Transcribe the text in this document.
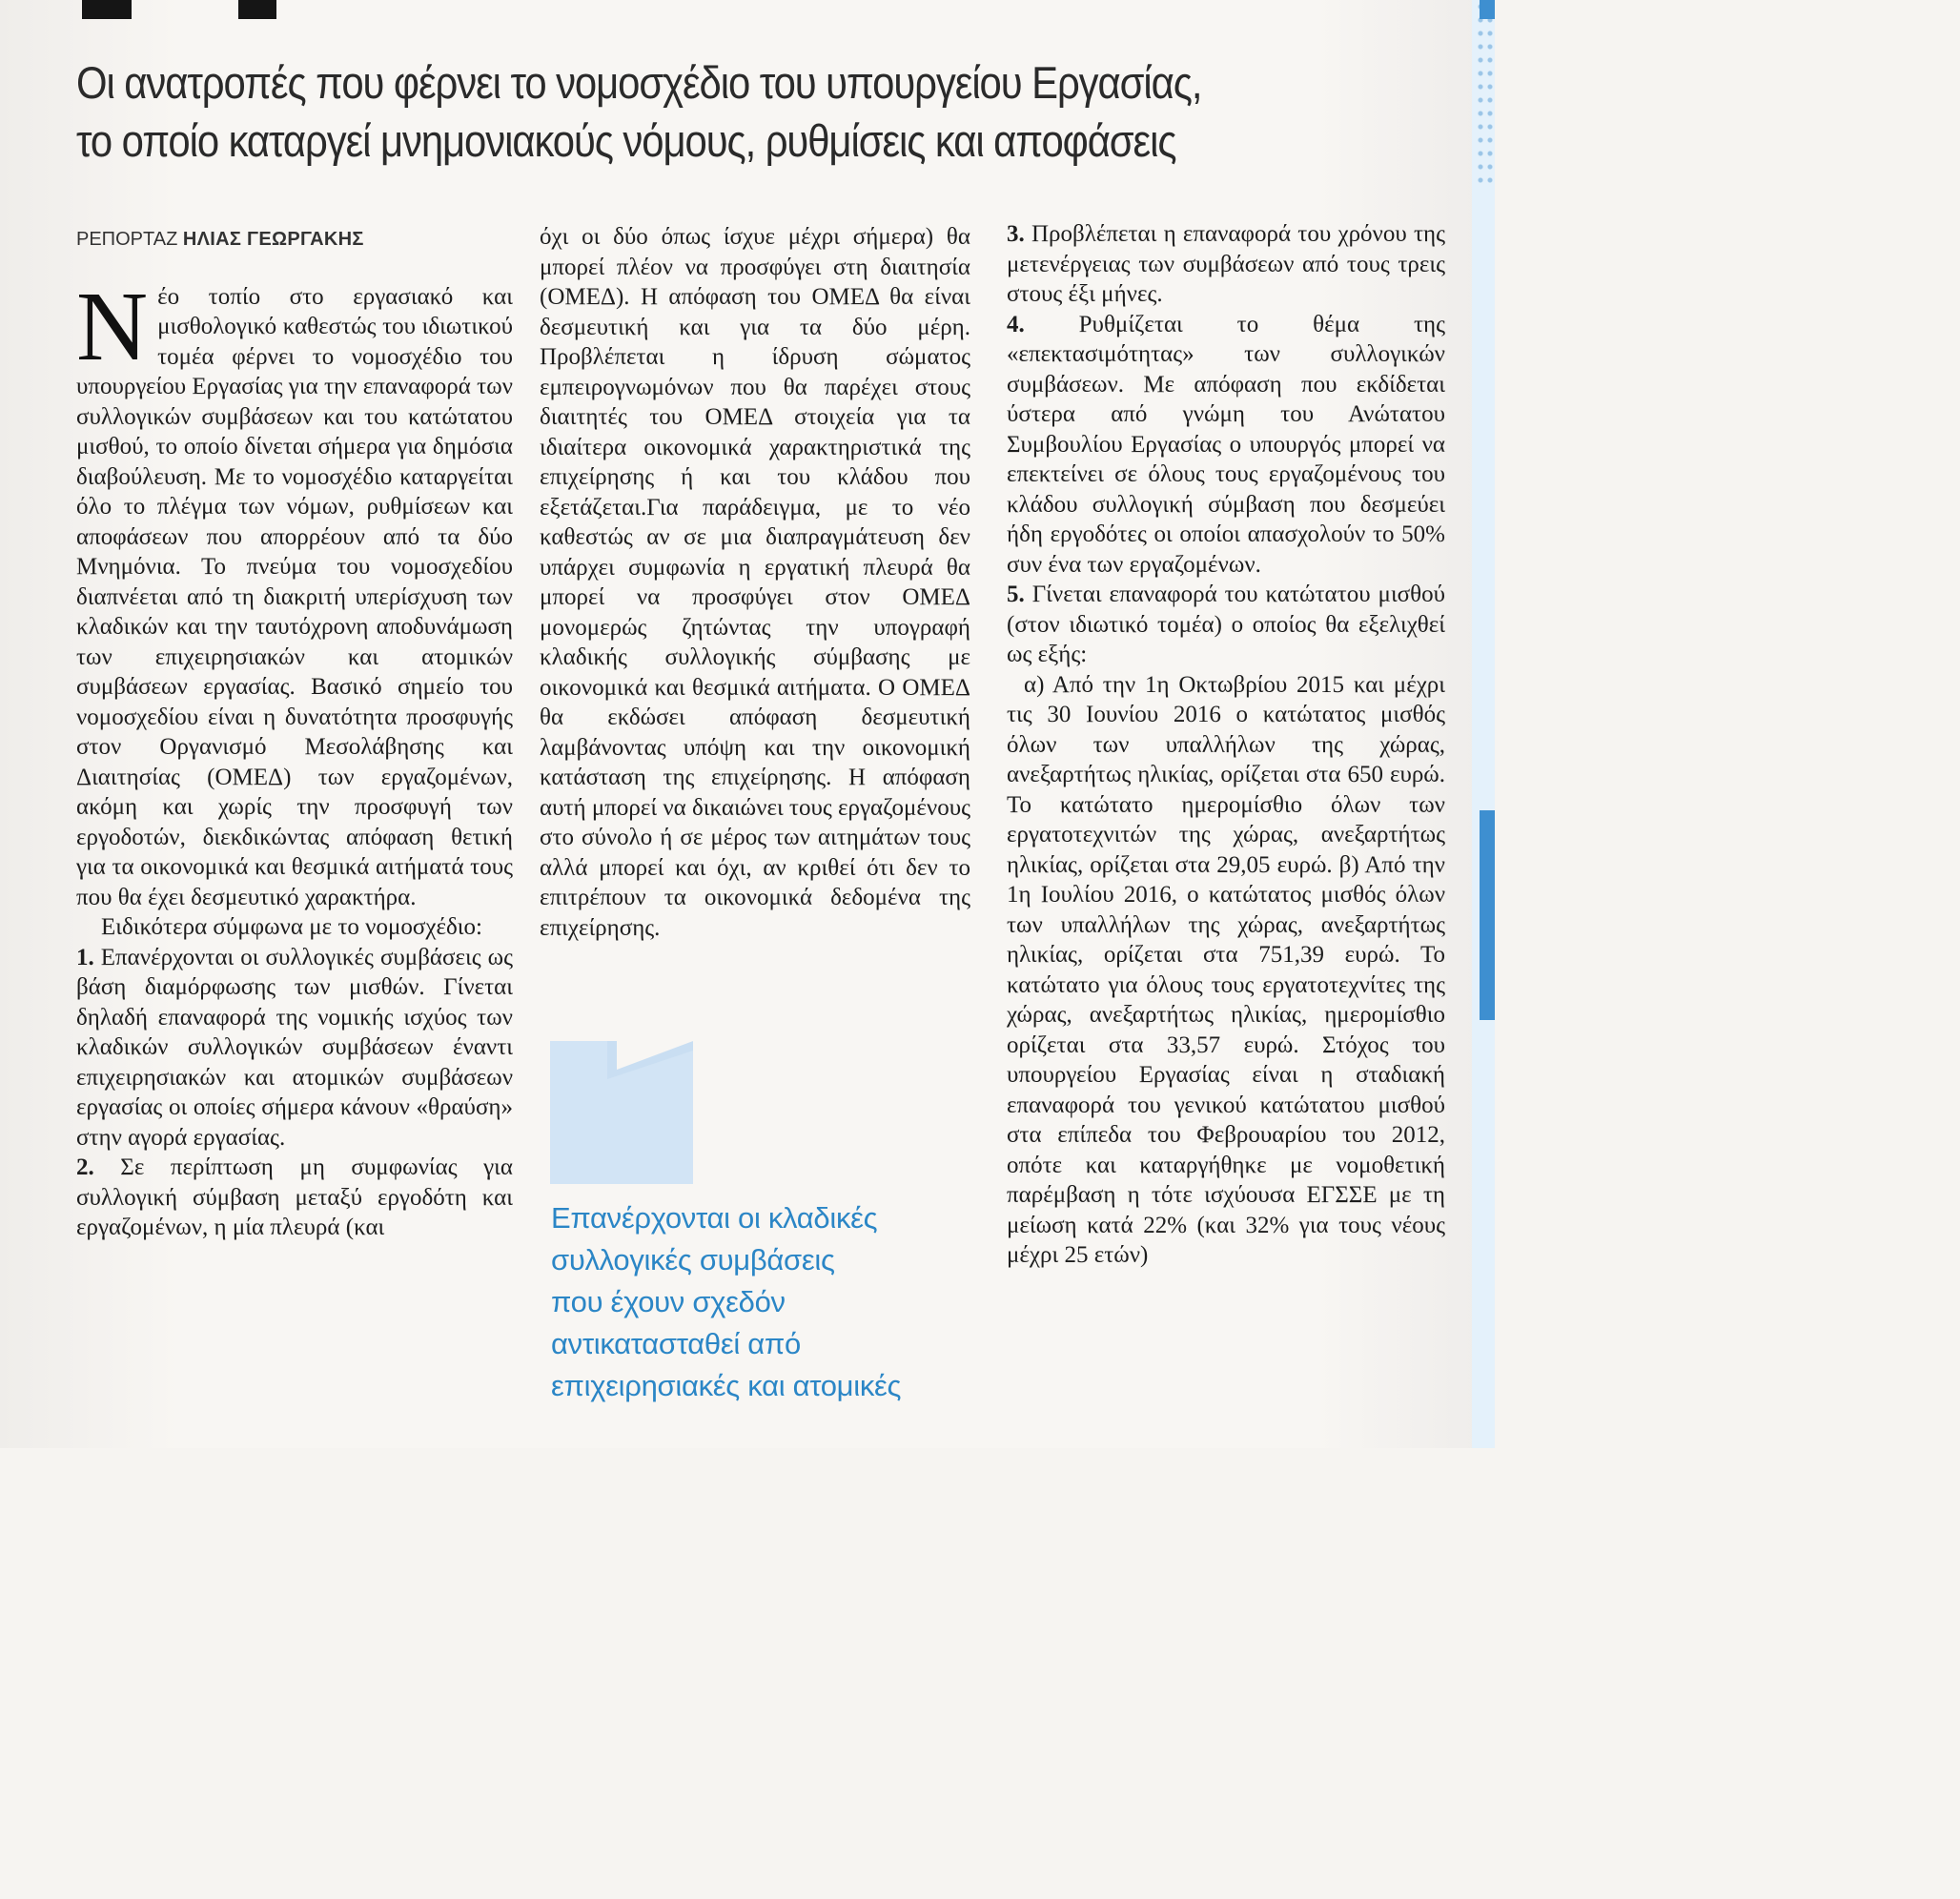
Οι ανατροπές που φέρνει το νομοσχέδιο του υπουργείου Εργασίας,
το οποίο καταργεί μνημονιακούς νόμους, ρυθμίσεις και αποφάσεις
ΡΕΠΟΡΤΑΖ ΗΛΙΑΣ ΓΕΩΡΓΑΚΗΣ

Νέο τοπίο στο εργασιακό και μισθολογικό καθεστώς του ιδιωτικού τομέα φέρνει το νομοσχέδιο του υπουργείου Εργασίας για την επαναφορά των συλλογικών συμβάσεων και του κατώτατου μισθού, το οποίο δίνεται σήμερα για δημόσια διαβούλευση. Με το νομοσχέδιο καταργείται όλο το πλέγμα των νόμων, ρυθμίσεων και αποφάσεων που απορρέουν από τα δύο Μνημόνια. Το πνεύμα του νομοσχεδίου διαπνέεται από τη διακριτή υπερίσχυση των κλαδικών και την ταυτόχρονη αποδυνάμωση των επιχειρησιακών και ατομικών συμβάσεων εργασίας. Βασικό σημείο του νομοσχεδίου είναι η δυνατότητα προσφυγής στον Οργανισμό Μεσολάβησης και Διαιτησίας (ΟΜΕΔ) των εργαζομένων, ακόμη και χωρίς την προσφυγή των εργοδοτών, διεκδικώντας απόφαση θετική για τα οικονομικά και θεσμικά αιτήματά τους που θα έχει δεσμευτικό χαρακτήρα.

Ειδικότερα σύμφωνα με το νομοσχέδιο:

1. Επανέρχονται οι συλλογικές συμβάσεις ως βάση διαμόρφωσης των μισθών. Γίνεται δηλαδή επαναφορά της νομικής ισχύος των κλαδικών συλλογικών συμβάσεων έναντι επιχειρησιακών και ατομικών συμβάσεων εργασίας οι οποίες σήμερα κάνουν «θραύση» στην αγορά εργασίας.

2. Σε περίπτωση μη συμφωνίας για συλλογική σύμβαση μεταξύ εργοδότη και εργαζομένων, η μία πλευρά (και

όχι οι δύο όπως ίσχυε μέχρι σήμερα) θα μπορεί πλέον να προσφύγει στη διαιτησία (ΟΜΕΔ). Η απόφαση του ΟΜΕΔ θα είναι δεσμευτική και για τα δύο μέρη. Προβλέπεται η ίδρυση σώματος εμπειρογνωμόνων που θα παρέχει στους διαιτητές του ΟΜΕΔ στοιχεία για τα ιδιαίτερα οικονομικά χαρακτηριστικά της επιχείρησης ή και του κλάδου που εξετάζεται.Για παράδειγμα, με το νέο καθεστώς αν σε μια διαπραγμάτευση δεν υπάρχει συμφωνία η εργατική πλευρά θα μπορεί να προσφύγει στον ΟΜΕΔ μονομερώς ζητώντας την υπογραφή κλαδικής συλλογικής σύμβασης με οικονομικά και θεσμικά αιτήματα. Ο ΟΜΕΔ θα εκδώσει απόφαση δεσμευτική λαμβάνοντας υπόψη και την οικονομική κατάσταση της επιχείρησης. Η απόφαση αυτή μπορεί να δικαιώνει τους εργαζομένους στο σύνολο ή σε μέρος των αιτημάτων τους αλλά μπορεί και όχι, αν κριθεί ότι δεν το επιτρέπουν τα οικονομικά δεδομένα της επιχείρησης.

Επανέρχονται οι κλαδικές
συλλογικές συμβάσεις
που έχουν σχεδόν
αντικατασταθεί από
επιχειρησιακές και ατομικές

3. Προβλέπεται η επαναφορά του χρόνου της μετενέργειας των συμβάσεων από τους τρεις στους έξι μήνες.

4. Ρυθμίζεται το θέμα της «επεκτασιμότητας» των συλλογικών συμβάσεων. Με απόφαση που εκδίδεται ύστερα από γνώμη του Ανώτατου Συμβουλίου Εργασίας ο υπουργός μπορεί να επεκτείνει σε όλους τους εργαζομένους του κλάδου συλλογική σύμβαση που δεσμεύει ήδη εργοδότες οι οποίοι απασχολούν το 50% συν ένα των εργαζομένων.

5. Γίνεται επαναφορά του κατώτατου μισθού (στον ιδιωτικό τομέα) ο οποίος θα εξελιχθεί ως εξής:

α) Από την 1η Οκτωβρίου 2015 και μέχρι τις 30 Ιουνίου 2016 ο κατώτατος μισθός όλων των υπαλλήλων της χώρας, ανεξαρτήτως ηλικίας, ορίζεται στα 650 ευρώ. Το κατώτατο ημερομίσθιο όλων των εργατοτεχνιτών της χώρας, ανεξαρτήτως ηλικίας, ορίζεται στα 29,05 ευρώ. β) Από την 1η Ιουλίου 2016, ο κατώτατος μισθός όλων των υπαλλήλων της χώρας, ανεξαρτήτως ηλικίας, ορίζεται στα 751,39 ευρώ. Το κατώτατο για όλους τους εργατοτεχνίτες της χώρας, ανεξαρτήτως ηλικίας, ημερομίσθιο ορίζεται στα 33,57 ευρώ. Στόχος του υπουργείου Εργασίας είναι η σταδιακή επαναφορά του γενικού κατώτατου μισθού στα επίπεδα του Φεβρουαρίου του 2012, οπότε και καταργήθηκε με νομοθετική παρέμβαση η τότε ισχύουσα ΕΓΣΣΕ με τη μείωση κατά 22% (και 32% για τους νέους μέχρι 25 ετών)
